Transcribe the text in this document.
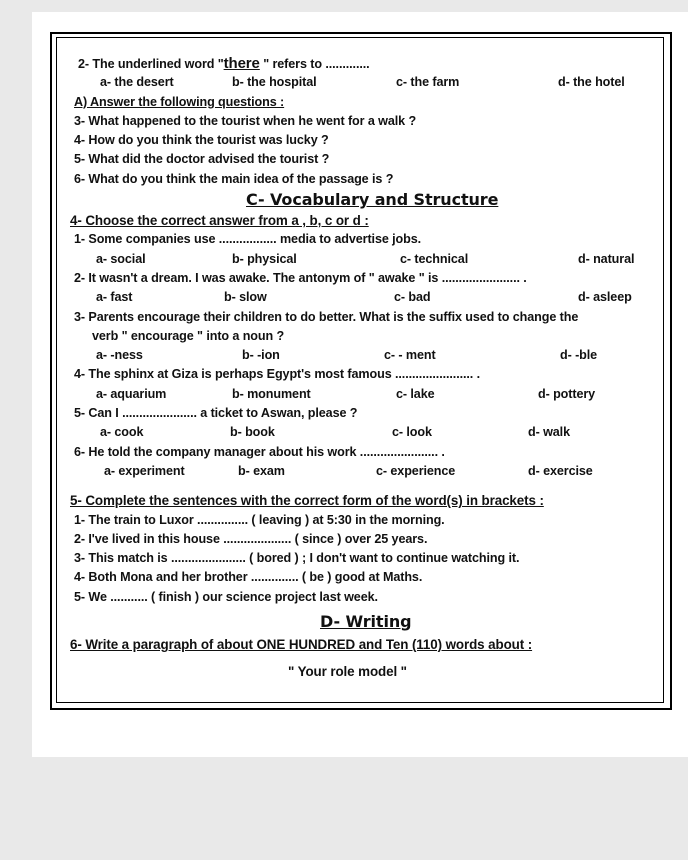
2- The underlined word "there " refers to .............
a- the desert	b- the hospital	c- the farm	d- the hotel
A) Answer the following questions :
3- What happened to the tourist when he went for a walk ?
4- How do you think the tourist was lucky ?
5- What did the doctor advised the tourist ?
6- What do you think the main idea of the passage is ?
C- Vocabulary and Structure
4- Choose the correct answer from a , b, c or d :
1- Some companies use ................. media to advertise jobs.
a- social	b- physical	c- technical	d- natural
2- It wasn't a dream. I was awake. The antonym of " awake " is ....................... .
a- fast	b- slow	c- bad	d- asleep
3- Parents encourage their children to do better. What is the suffix used to change the
verb " encourage " into a noun ?
a- -ness	b- -ion	c- - ment	d- -ble
4- The sphinx at Giza is perhaps Egypt's most famous ....................... .
a- aquarium	b- monument	c- lake	d- pottery
5- Can I ...................... a ticket to Aswan, please ?
a- cook	b- book	c- look	d- walk
6- He told the company manager about his work ....................... .
a- experiment	b- exam	c- experience	d- exercise
5- Complete the sentences with the correct form of the word(s) in brackets :
1- The train to Luxor ............... ( leaving ) at 5:30 in the morning.
2- I've lived in this house .................... ( since ) over 25 years.
3- This match is ...................... ( bored ) ; I don't want to continue watching it.
4- Both Mona and her brother .............. ( be ) good at Maths.
5- We ........... ( finish ) our science project last week.
D- Writing
6- Write a paragraph of about ONE HUNDRED and Ten (110) words about :
" Your role model "
